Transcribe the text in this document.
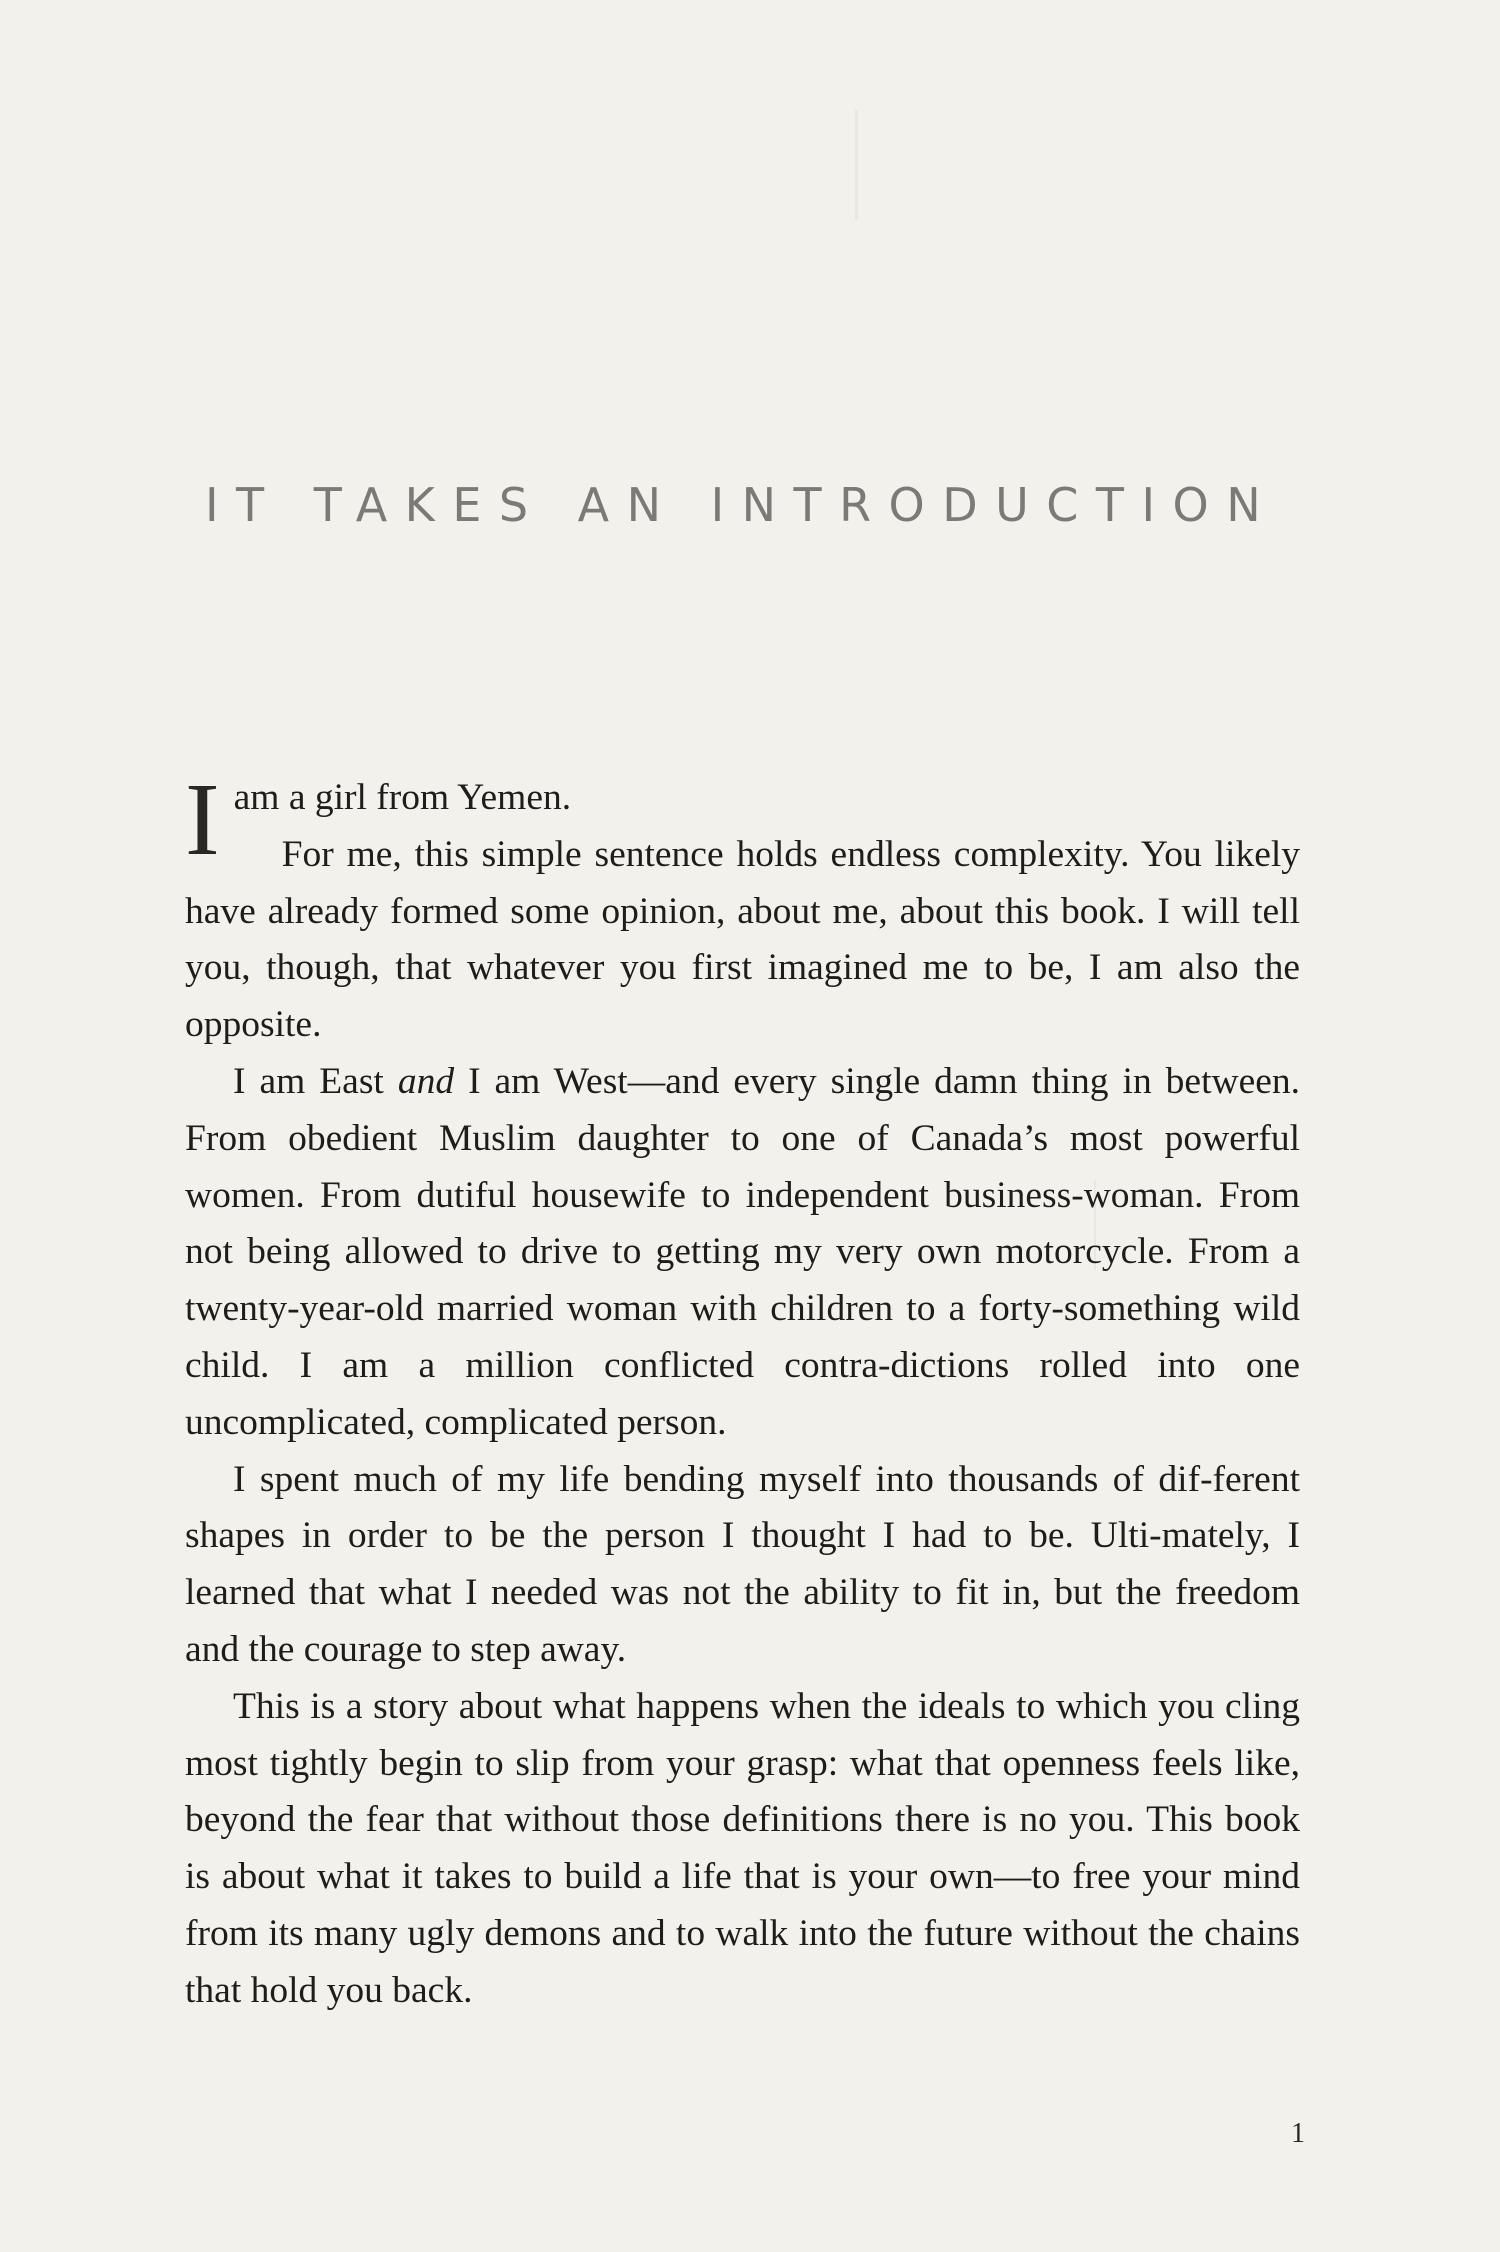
IT TAKES AN INTRODUCTION

I am a girl from Yemen.
For me, this simple sentence holds endless complexity. You likely have already formed some opinion, about me, about this book. I will tell you, though, that whatever you first imagined me to be, I am also the opposite.

I am East and I am West—and every single damn thing in between. From obedient Muslim daughter to one of Canada’s most powerful women. From dutiful housewife to independent business-woman. From not being allowed to drive to getting my very own motorcycle. From a twenty-year-old married woman with children to a forty-something wild child. I am a million conflicted contra-dictions rolled into one uncomplicated, complicated person.

I spent much of my life bending myself into thousands of dif-ferent shapes in order to be the person I thought I had to be. Ulti-mately, I learned that what I needed was not the ability to fit in, but the freedom and the courage to step away.

This is a story about what happens when the ideals to which you cling most tightly begin to slip from your grasp: what that openness feels like, beyond the fear that without those definitions there is no you. This book is about what it takes to build a life that is your own—to free your mind from its many ugly demons and to walk into the future without the chains that hold you back.

1
